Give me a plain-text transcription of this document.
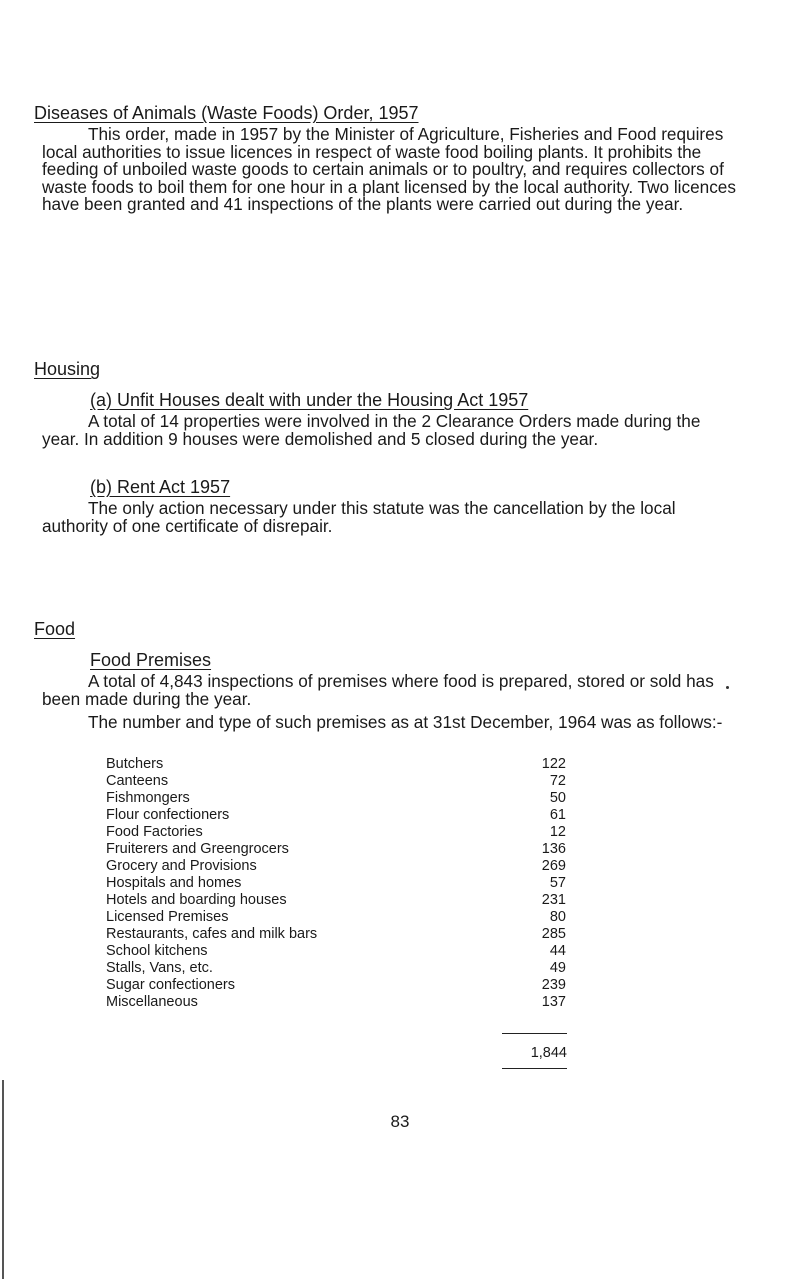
Diseases of Animals (Waste Foods) Order, 1957

This order, made in 1957 by the Minister of Agriculture, Fisheries and Food requires local authorities to issue licences in respect of waste food boiling plants. It prohibits the feeding of unboiled waste goods to certain animals or to poultry, and requires collectors of waste foods to boil them for one hour in a plant licensed by the local authority. Two licences have been granted and 41 inspections of the plants were carried out during the year.

Housing
(a) Unfit Houses dealt with under the Housing Act 1957

A total of 14 properties were involved in the 2 Clearance Orders made during the year. In addition 9 houses were demolished and 5 closed during the year.

(b) Rent Act 1957

The only action necessary under this statute was the cancellation by the local authority of one certificate of disrepair.

Food
Food Premises

A total of 4,843 inspections of premises where food is prepared, stored or sold has been made during the year.

The number and type of such premises as at 31st December, 1964 was as follows:-

Butchers	122
Canteens	72
Fishmongers	50
Flour confectioners	61
Food Factories	12
Fruiterers and Greengrocers	136
Grocery and Provisions	269
Hospitals and homes	57
Hotels and boarding houses	231
Licensed Premises	80
Restaurants, cafes and milk bars	285
School kitchens	44
Stalls, Vans, etc.	49
Sugar confectioners	239
Miscellaneous	137
1,844
83
